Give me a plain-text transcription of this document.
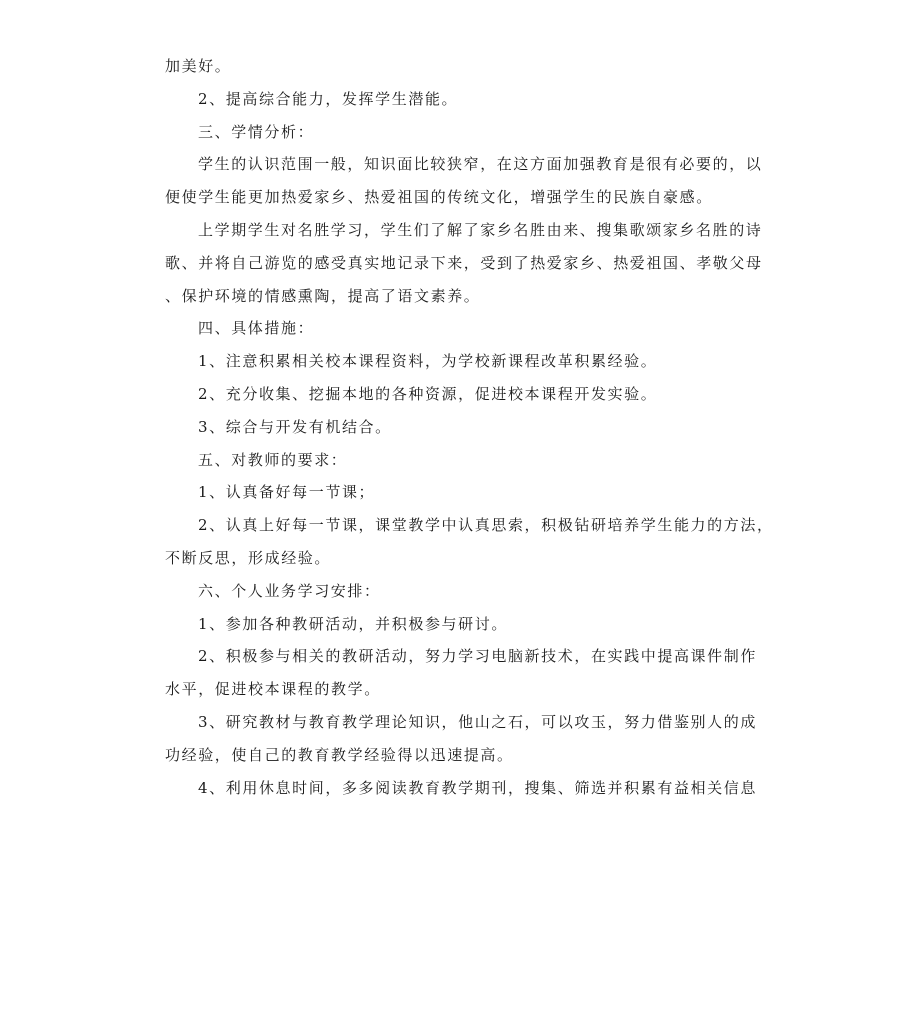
加美好。
2、提高综合能力，发挥学生潜能。
三、学情分析：
学生的认识范围一般，知识面比较狭窄，在这方面加强教育是很有必要的，以
便使学生能更加热爱家乡、热爱祖国的传统文化，增强学生的民族自豪感。
上学期学生对名胜学习，学生们了解了家乡名胜由来、搜集歌颂家乡名胜的诗
歌、并将自己游览的感受真实地记录下来，受到了热爱家乡、热爱祖国、孝敬父母
、保护环境的情感熏陶，提高了语文素养。
四、具体措施：
1、注意积累相关校本课程资料，为学校新课程改革积累经验。
2、充分收集、挖掘本地的各种资源，促进校本课程开发实验。
3、综合与开发有机结合。
五、对教师的要求：
1、认真备好每一节课；
2、认真上好每一节课，课堂教学中认真思索，积极钻研培养学生能力的方法，
不断反思，形成经验。
六、个人业务学习安排：
1、参加各种教研活动，并积极参与研讨。
2、积极参与相关的教研活动，努力学习电脑新技术，在实践中提高课件制作
水平，促进校本课程的教学。
3、研究教材与教育教学理论知识，他山之石，可以攻玉，努力借鉴别人的成
功经验，使自己的教育教学经验得以迅速提高。
4、利用休息时间，多多阅读教育教学期刊，搜集、筛选并积累有益相关信息
